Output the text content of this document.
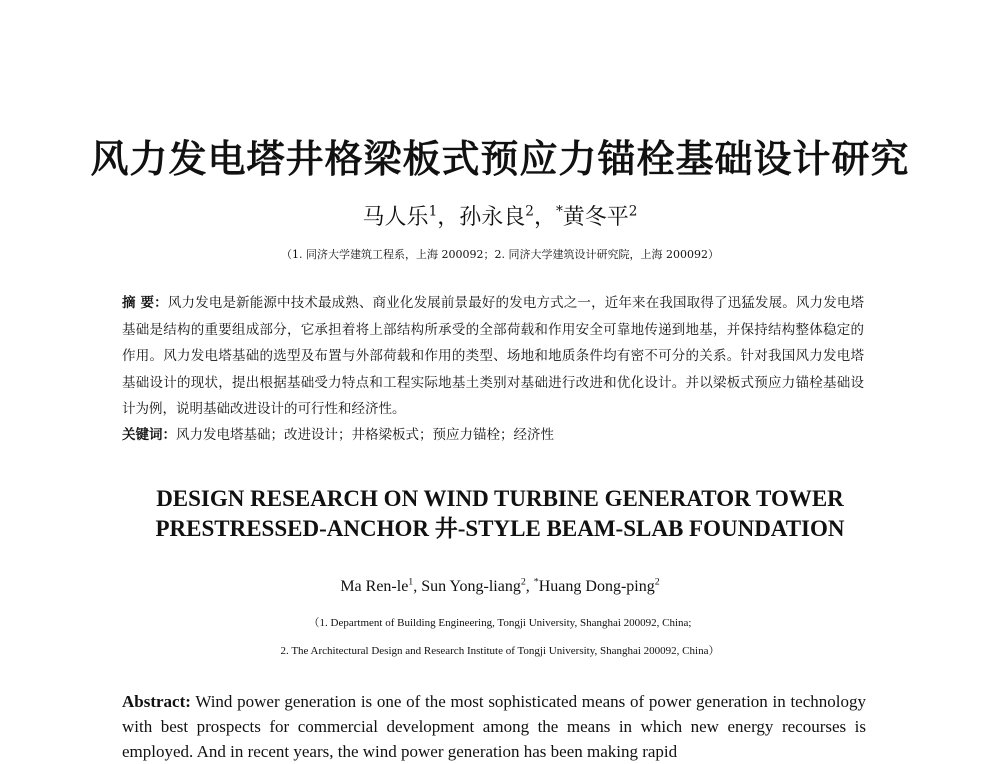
风力发电塔井格梁板式预应力锚栓基础设计研究
马人乐$^1$，孙永良$^2$，*黄冬平$^2$
（1. 同济大学建筑工程系，上海 200092；2. 同济大学建筑设计研究院，上海 200092）
摘 要：风力发电是新能源中技术最成熟、商业化发展前景最好的发电方式之一，近年来在我国取得了迅猛发展。风力发电塔基础是结构的重要组成部分，它承担着将上部结构所承受的全部荷载和作用安全可靠地传递到地基，并保持结构整体稳定的作用。风力发电塔基础的选型及布置与外部荷载和作用的类型、场地和地质条件均有密不可分的关系。针对我国风力发电塔基础设计的现状，提出根据基础受力特点和工程实际地基土类别对基础进行改进和优化设计。并以梁板式预应力锚栓基础设计为例，说明基础改进设计的可行性和经济性。
关键词：风力发电塔基础；改进设计；井格梁板式；预应力锚栓；经济性
DESIGN RESEARCH ON WIND TURBINE GENERATOR TOWER
PRESTRESSED-ANCHOR 井-STYLE BEAM-SLAB FOUNDATION
Ma Ren-$le^1$, Sun Yong-liang$^2$, *Huang Dong-ping$^2$
（1. Department of Building Engineering, Tongji University, Shanghai 200092, China;
2. The Architectural Design and Research Institute of Tongji University, Shanghai 200092, China）
Abstract: Wind power generation is one of the most sophisticated means of power generation in technology with best prospects for commercial development among the means in which new energy recourses is employed. And in recent years, the wind power generation has been making rapid
